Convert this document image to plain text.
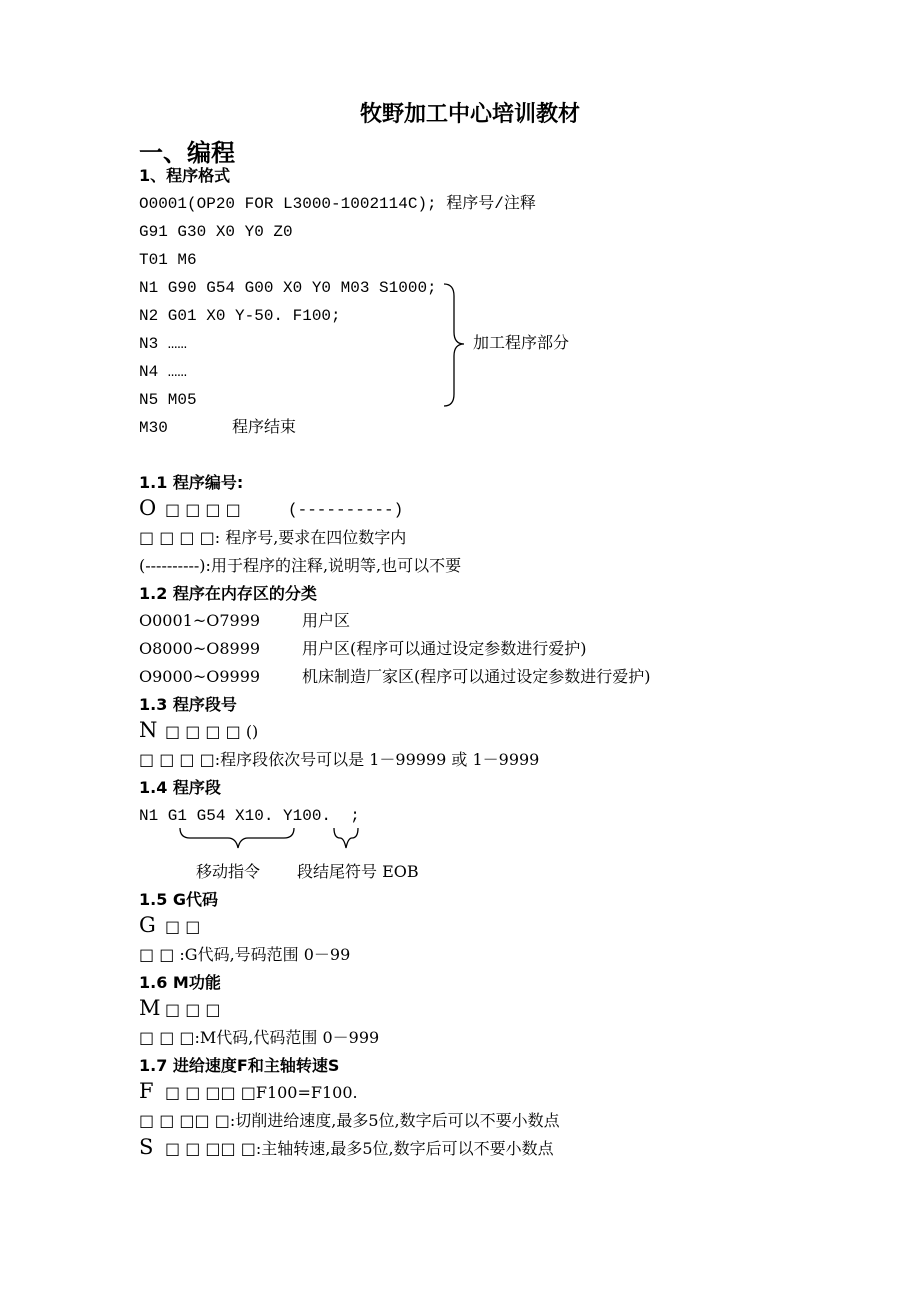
牧野加工中心培训教材
一、编程
1、程序格式
O0001(OP20 FOR L3000-1002114C); 程序号/注释
G91 G30 X0 Y0 Z0
T01 M6
N1 G90 G54 G00 X0 Y0 M03 S1000;
N2 G01 X0 Y-50. F100;
N3 ……
N4 ……
N5 M05
加工程序部分
M30	程序结束
1.1 程序编号:
O □ □ □ □	(----------)
□ □ □ □: 程序号,要求在四位数字内
(----------):用于程序的注释,说明等,也可以不要
1.2 程序在内存区的分类
O0001~O7999	用户区
O8000~O8999	用户区(程序可以通过设定参数进行爱护)
O9000~O9999	机床制造厂家区(程序可以通过设定参数进行爱护)
1.3 程序段号
N □ □ □ □ ()
□ □ □ □:程序段依次号可以是 1－99999 或 1－9999
1.4 程序段
N1 G1 G54 X10. Y100.  ;
移动指令 段结尾符号 EOB
1.5 G代码
G □ □
□ □ :G代码,号码范围 0－99
1.6 M功能
M □ □ □
□ □ □:M代码,代码范围 0－999
1.7 进给速度F和主轴转速S
F □ □ □□ □F100=F100.
□ □ □□ □:切削进给速度,最多5位,数字后可以不要小数点
S □ □ □□ □:主轴转速,最多5位,数字后可以不要小数点
